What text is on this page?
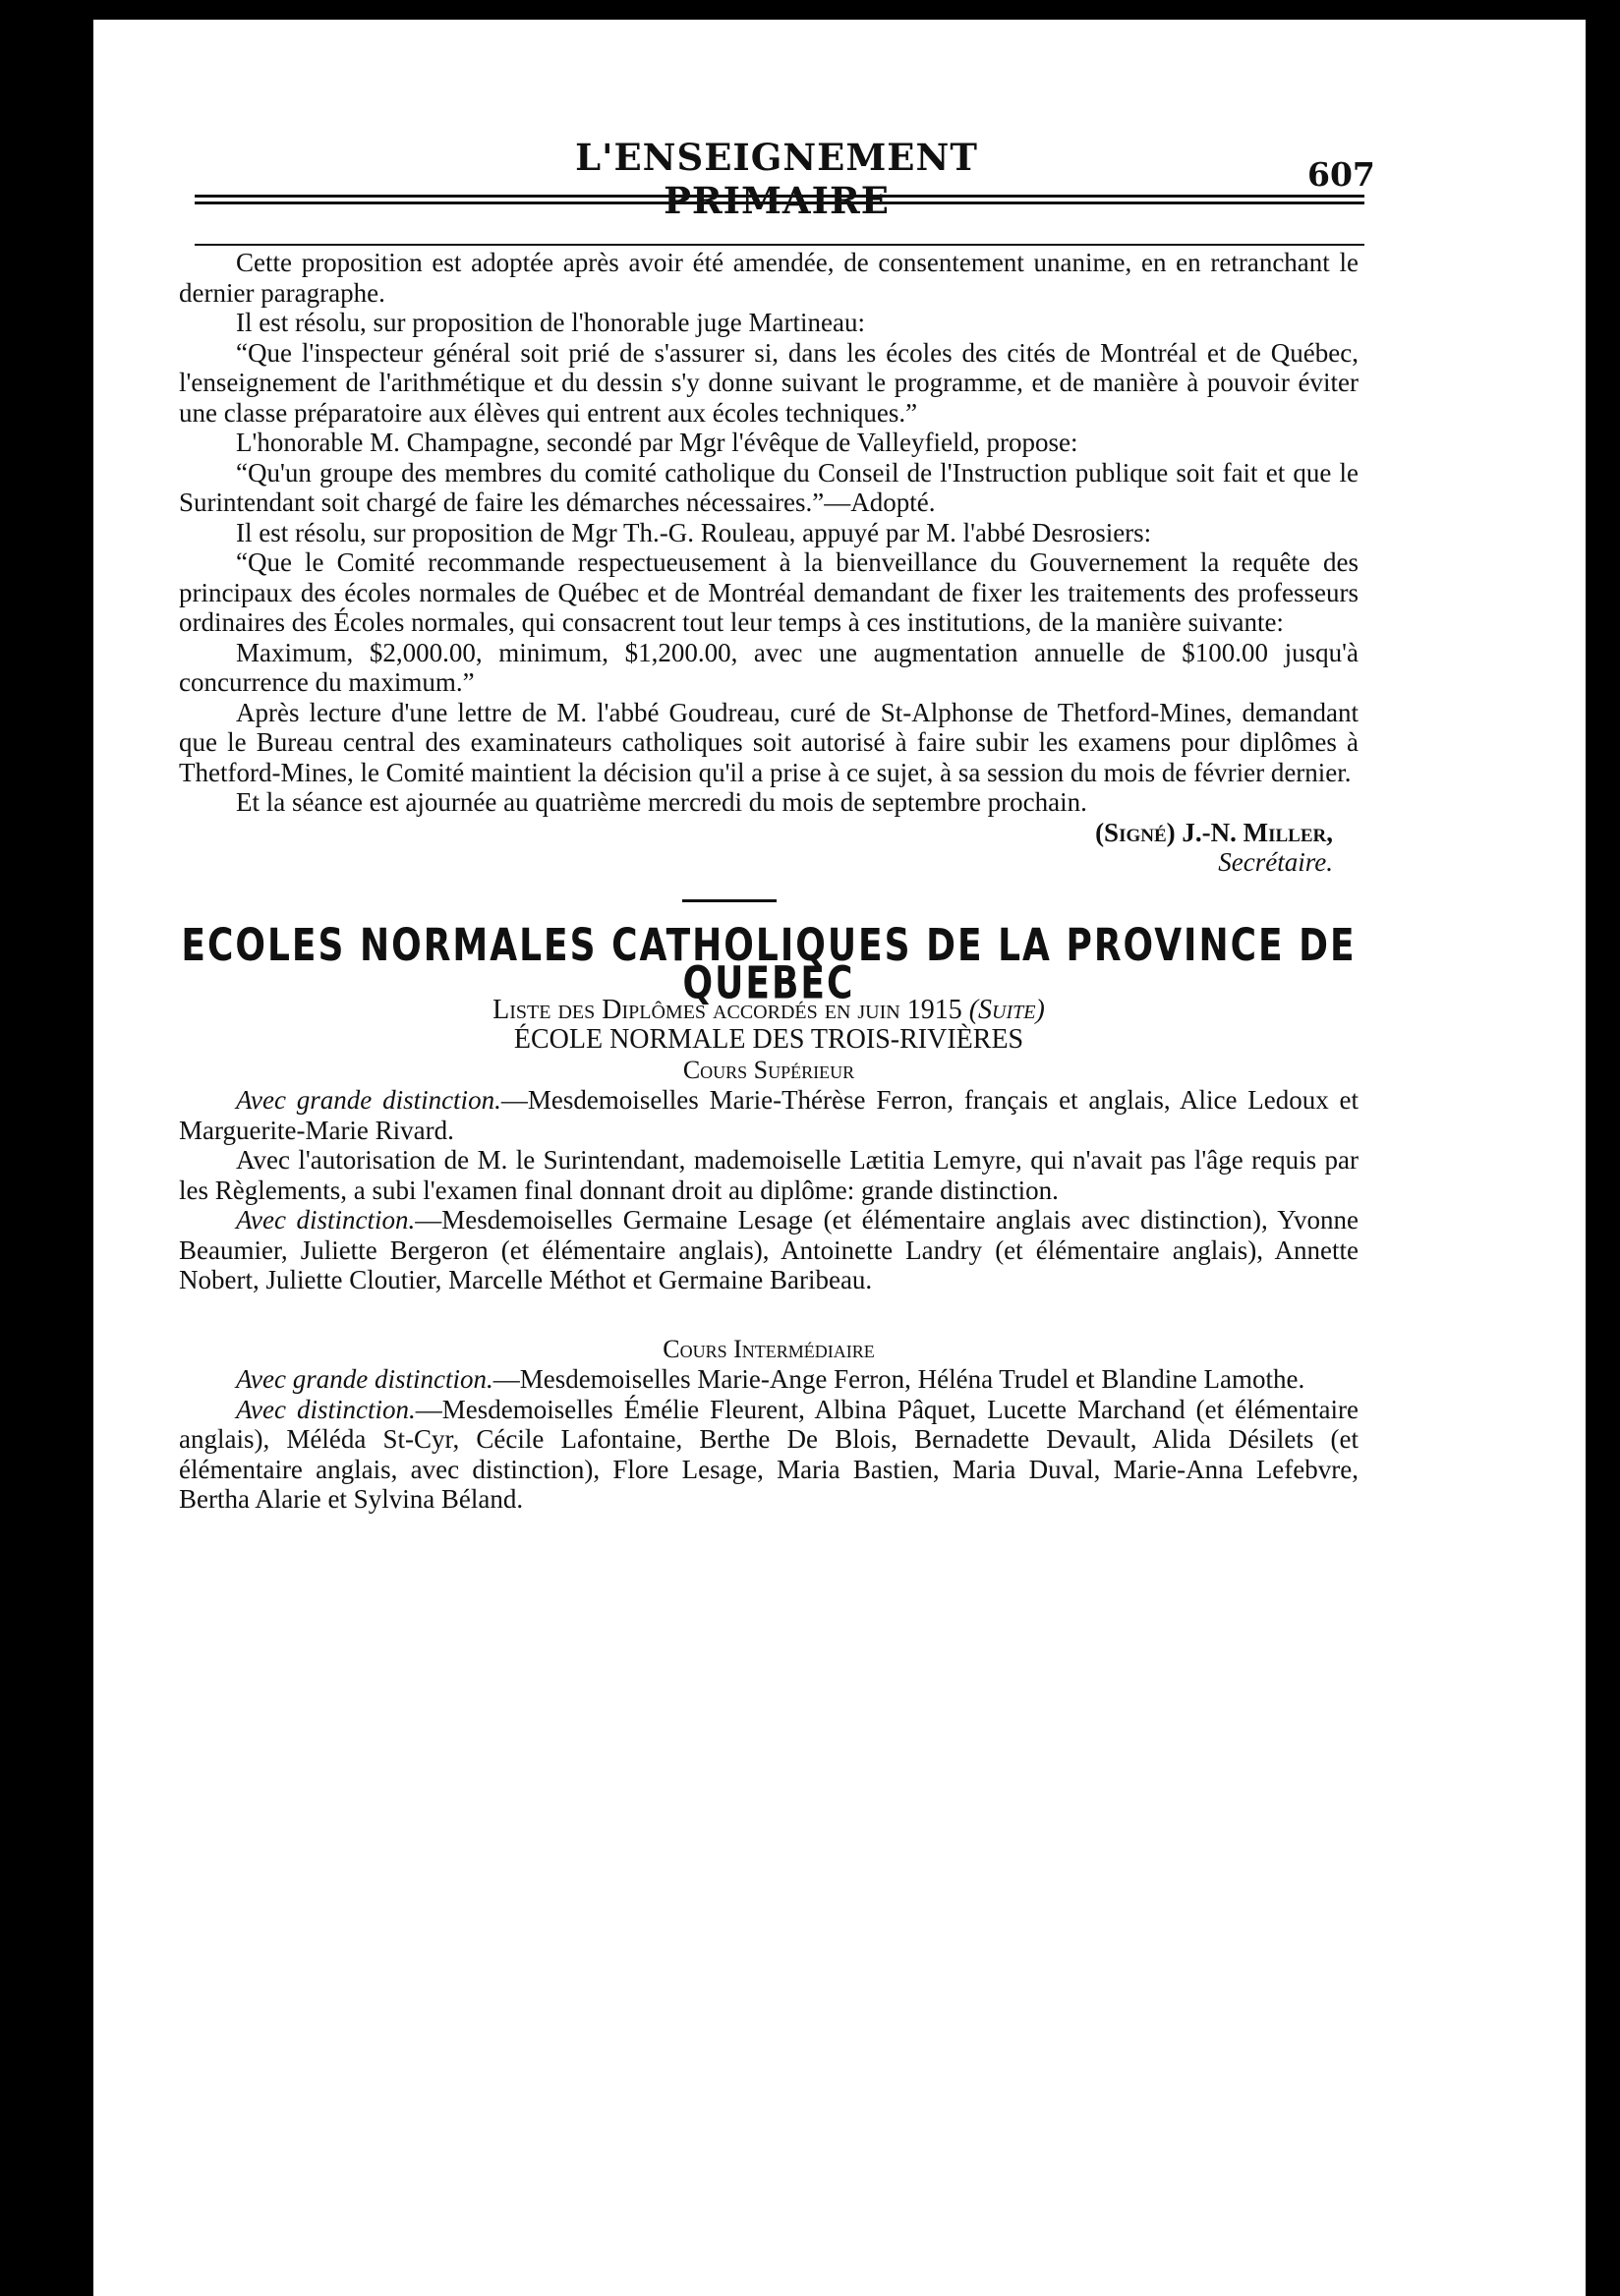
L'ENSEIGNEMENT PRIMAIRE
607

Cette proposition est adoptée après avoir été amendée, de consentement unanime, en en retranchant le dernier paragraphe.

Il est résolu, sur proposition de l'honorable juge Martineau:

“Que l'inspecteur général soit prié de s'assurer si, dans les écoles des cités de Montréal et de Québec, l'enseignement de l'arithmétique et du dessin s'y donne suivant le programme, et de manière à pouvoir éviter une classe préparatoire aux élèves qui entrent aux écoles techniques.”

L'honorable M. Champagne, secondé par Mgr l'évêque de Valleyfield, propose:

“Qu'un groupe des membres du comité catholique du Conseil de l'Instruction publique soit fait et que le Surintendant soit chargé de faire les démarches nécessaires.”—Adopté.

Il est résolu, sur proposition de Mgr Th.-G. Rouleau, appuyé par M. l'abbé Desrosiers:

“Que le Comité recommande respectueusement à la bienveillance du Gouvernement la requête des principaux des écoles normales de Québec et de Montréal demandant de fixer les traitements des professeurs ordinaires des Écoles normales, qui consacrent tout leur temps à ces institutions, de la manière suivante:

Maximum, $2,000.00, minimum, $1,200.00, avec une augmentation annuelle de $100.00 jusqu'à concurrence du maximum.”

Après lecture d'une lettre de M. l'abbé Goudreau, curé de St-Alphonse de Thetford-Mines, demandant que le Bureau central des examinateurs catholiques soit autorisé à faire subir les examens pour diplômes à Thetford-Mines, le Comité maintient la décision qu'il a prise à ce sujet, à sa session du mois de février dernier.

Et la séance est ajournée au quatrième mercredi du mois de septembre prochain.

(Signé) J.-N. Miller,

Secrétaire.

ECOLES NORMALES CATHOLIQUES DE LA PROVINCE DE QUEBEC

Liste des Diplômes accordés en juin 1915 (Suite)

ÉCOLE NORMALE DES TROIS-RIVIÈRES

Cours Supérieur

Avec grande distinction.—Mesdemoiselles Marie-Thérèse Ferron, français et anglais, Alice Ledoux et Marguerite-Marie Rivard.

Avec l'autorisation de M. le Surintendant, mademoiselle Lætitia Lemyre, qui n'avait pas l'âge requis par les Règlements, a subi l'examen final donnant droit au diplôme: grande distinction.

Avec distinction.—Mesdemoiselles Germaine Lesage (et élémentaire anglais avec distinction), Yvonne Beaumier, Juliette Bergeron (et élémentaire anglais), Antoinette Landry (et élémentaire anglais), Annette Nobert, Juliette Cloutier, Marcelle Méthot et Germaine Baribeau.

Cours Intermédiaire

Avec grande distinction.—Mesdemoiselles Marie-Ange Ferron, Héléna Trudel et Blandine Lamothe.

Avec distinction.—Mesdemoiselles Émélie Fleurent, Albina Pâquet, Lucette Marchand (et élémentaire anglais), Méléda St-Cyr, Cécile Lafontaine, Berthe De Blois, Bernadette Devault, Alida Désilets (et élémentaire anglais, avec distinction), Flore Lesage, Maria Bastien, Maria Duval, Marie-Anna Lefebvre, Bertha Alarie et Sylvina Béland.
